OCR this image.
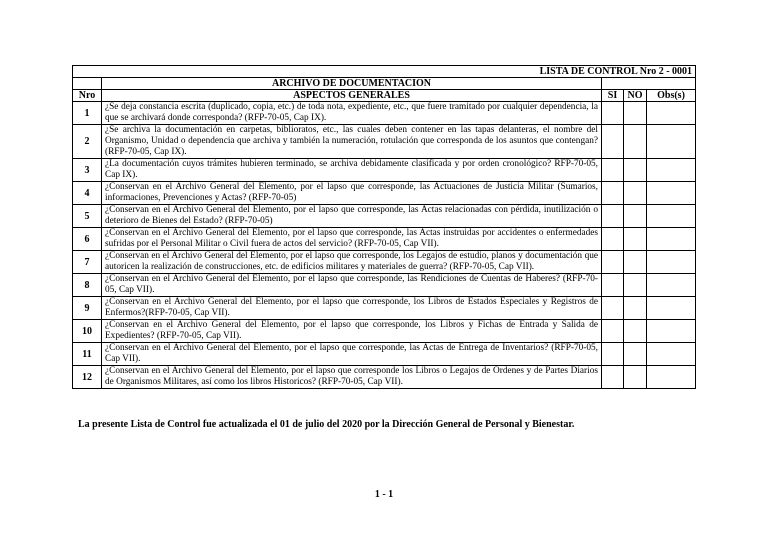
LISTA DE CONTROL Nro 2 - 0001				
	ARCHIVO DE DOCUMENTACION			
Nro	ASPECTOS GENERALES	SI	NO	Obs(s)
1	¿Se deja constancia escrita (duplicado, copia, etc.) de toda nota, expediente, etc., que fuere tramitado por cualquier dependencia, la que se archivará donde corresponda? (RFP-70-05, Cap IX).			
2	¿Se archiva la documentación en carpetas, biblioratos, etc., las cuales deben contener en las tapas delanteras, el nombre del Organismo, Unidad o dependencia que archiva y también la numeración, rotulación que corresponda de los asuntos que contengan? (RFP-70-05, Cap IX).			
3	¿La documentación cuyos trámites hubieren terminado, se archiva debidamente clasificada y por orden cronológico? RFP-70-05, Cap IX).			
4	¿Conservan en el Archivo General del Elemento, por el lapso que corresponde, las Actuaciones de Justicia Militar (Sumarios, informaciones, Prevenciones y Actas? (RFP-70-05)			
5	¿Conservan en el Archivo General del Elemento, por el lapso que corresponde, las Actas relacionadas con pérdida, inutilización o deterioro de Bienes del Estado? (RFP-70-05)			
6	¿Conservan en el Archivo General del Elemento, por el lapso que corresponde, las Actas instruidas por accidentes o enfermedades sufridas por el Personal Militar o Civil fuera de actos del servicio? (RFP-70-05, Cap VII).			
7	¿Conservan en el Archivo General del Elemento, por el lapso que corresponde, los Legajos de estudio, planos y documentación que autoricen la realización de construcciones, etc. de edificios militares y materiales de guerra? (RFP-70-05, Cap VII).			
8	¿Conservan en el Archivo General del Elemento, por el lapso que corresponde, las Rendiciones de Cuentas de Haberes? (RFP-70-05, Cap VII).			
9	¿Conservan en el Archivo General del Elemento, por el lapso que corresponde, los Libros de Estados Especiales y Registros de Enfermos?(RFP-70-05, Cap VII).			
10	¿Conservan en el Archivo General del Elemento, por el lapso que corresponde, los Libros y Fichas de Entrada y Salida de Expedientes? (RFP-70-05, Cap VII).			
11	¿Conservan en el Archivo General del Elemento, por el lapso que corresponde, las Actas de Entrega de Inventarios? (RFP-70-05, Cap VII).			
12	¿Conservan en el Archivo General del Elemento, por el lapso que corresponde los Libros o Legajos de Ordenes y de Partes Diarios de Organismos Militares, así como los libros Historicos? (RFP-70-05, Cap VII).			
La presente Lista de Control fue actualizada el 01 de julio del 2020 por la Dirección General de Personal y Bienestar.
1 - 1
